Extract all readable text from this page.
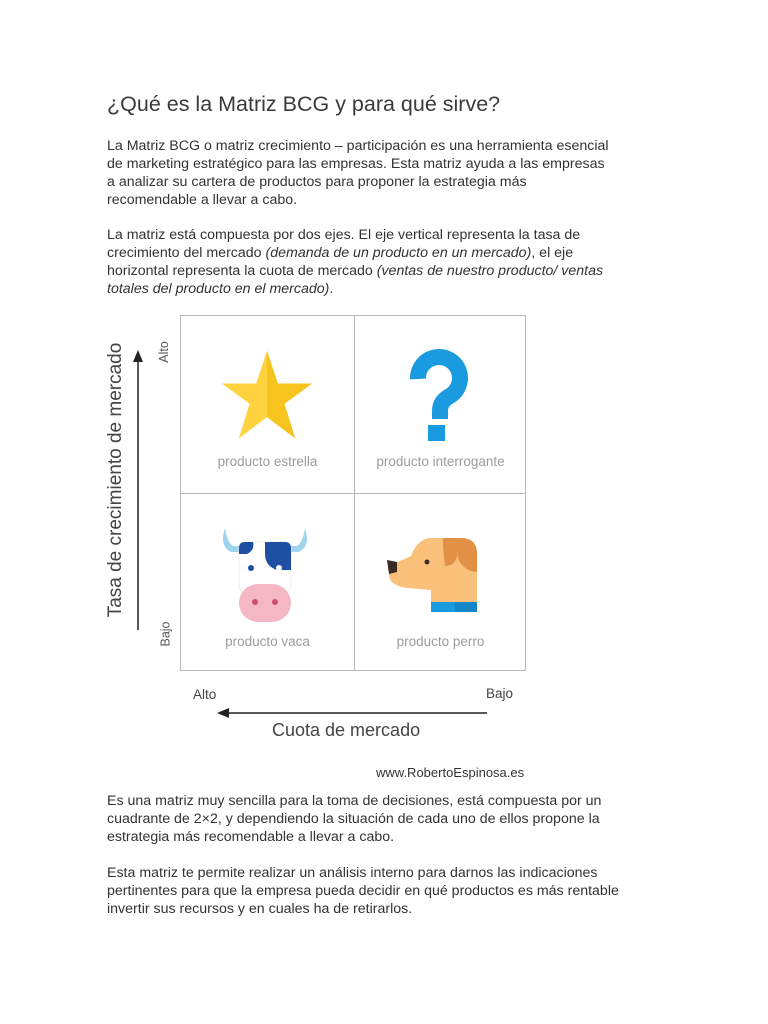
¿Qué es la Matriz BCG y para qué sirve?

La Matriz BCG o matriz crecimiento – participación es una herramienta esencial
de marketing estratégico para las empresas. Esta matriz ayuda a las empresas
a analizar su cartera de productos para proponer la estrategia más
recomendable a llevar a cabo.

La matriz está compuesta por dos ejes. El eje vertical representa la tasa de
crecimiento del mercado (demanda de un producto en un mercado), el eje
horizontal representa la cuota de mercado (ventas de nuestro producto/ ventas
totales del producto en el mercado).

Tasa de crecimiento de mercado Alto
Bajo
producto estrella	producto interrogante
producto vaca	producto perro
Alto	Bajo
Cuota de mercado
www.RobertoEspinosa.es

Es una matriz muy sencilla para la toma de decisiones, está compuesta por un
cuadrante de 2×2, y dependiendo la situación de cada uno de ellos propone la
estrategia más recomendable a llevar a cabo.

Esta matriz te permite realizar un análisis interno para darnos las indicaciones
pertinentes para que la empresa pueda decidir en qué productos es más rentable
invertir sus recursos y en cuales ha de retirarlos.
